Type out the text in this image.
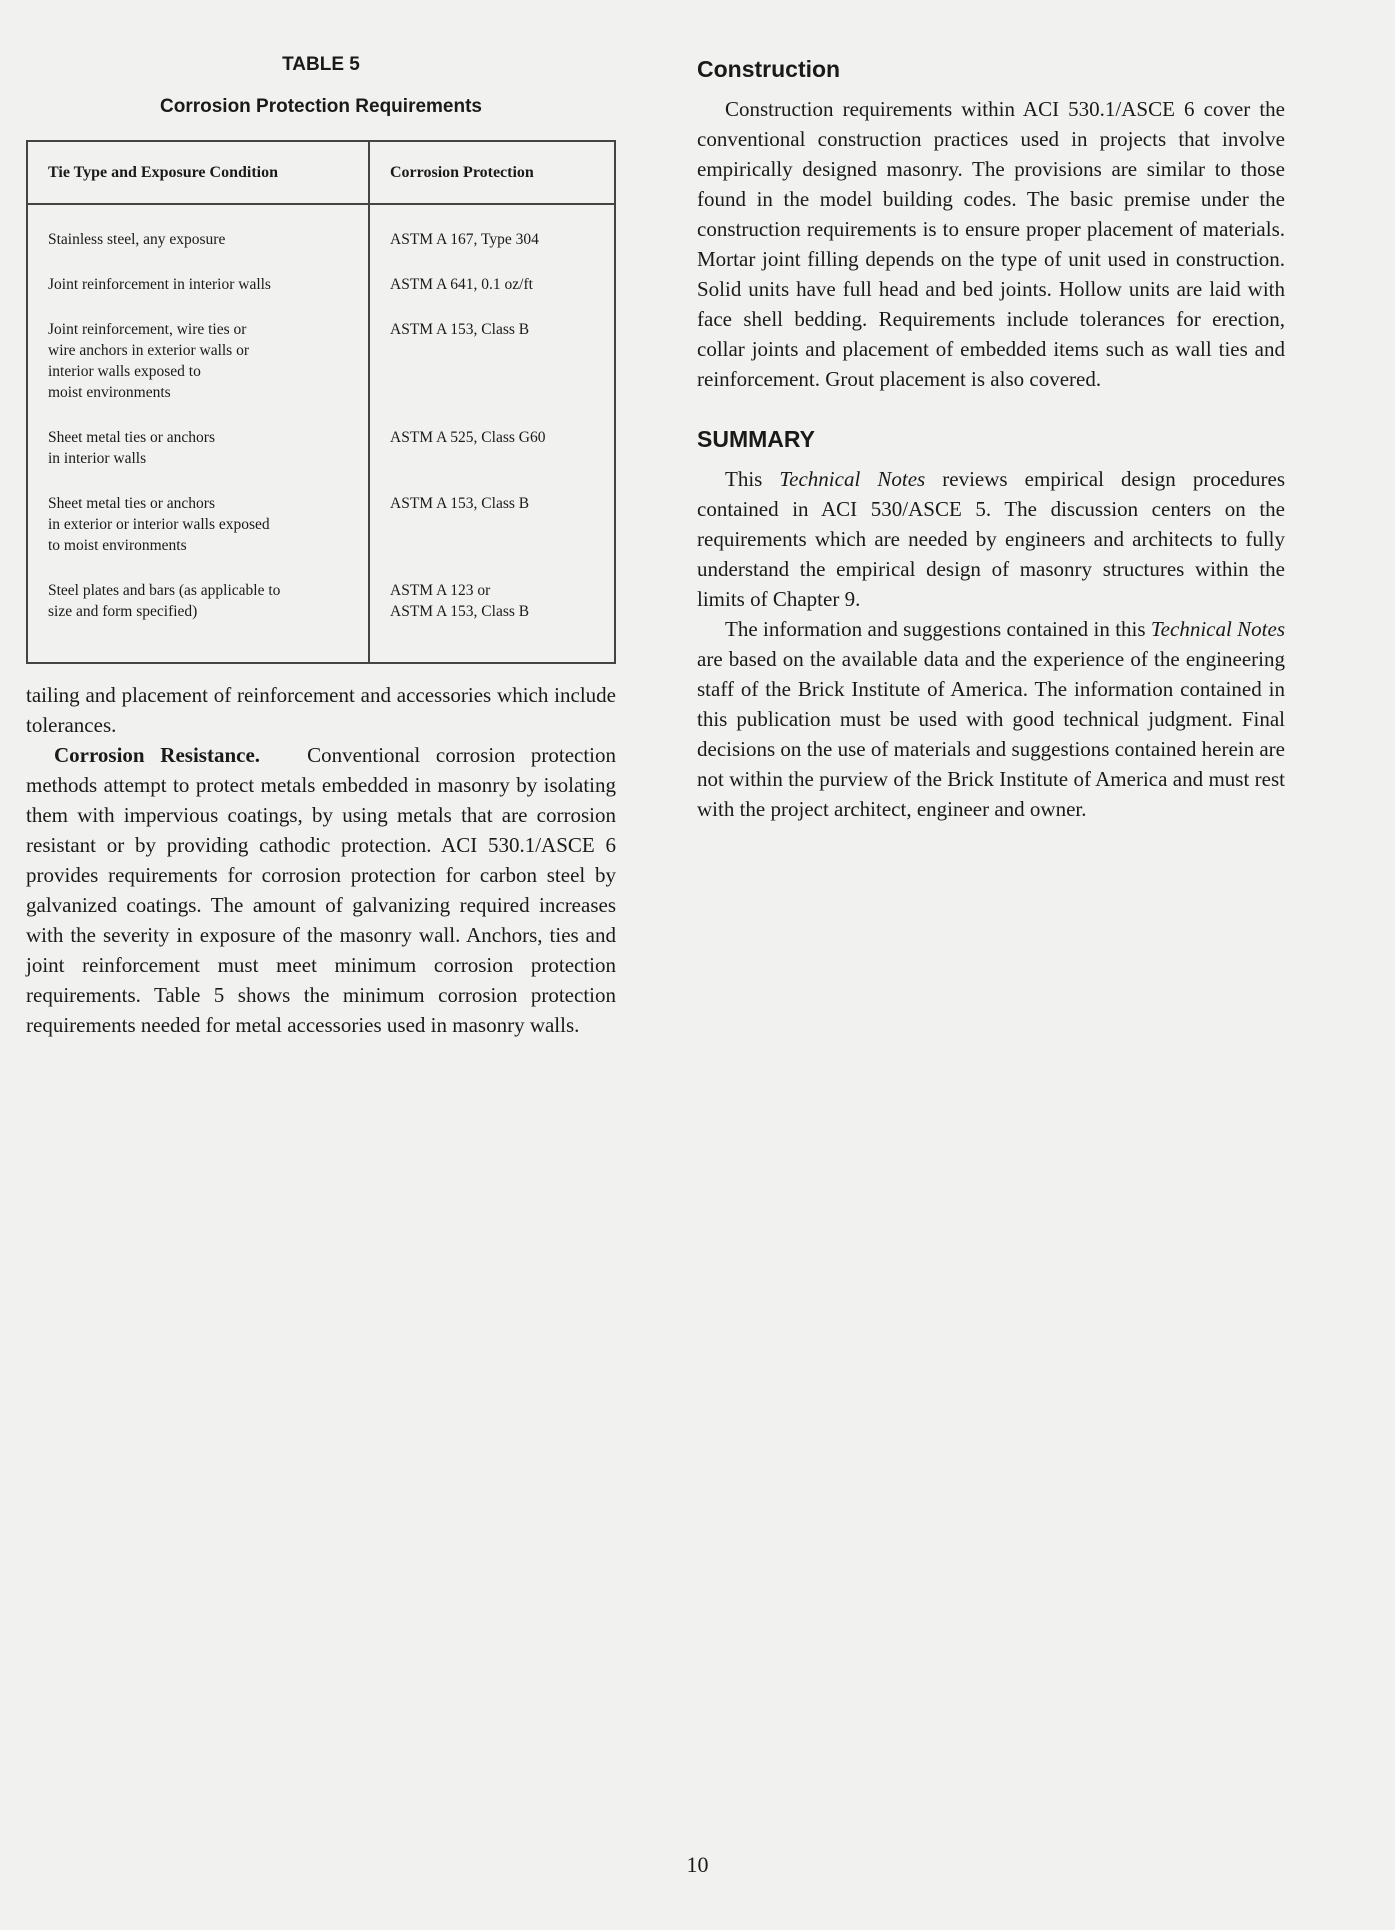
TABLE 5
Corrosion Protection Requirements
Tie Type and Exposure Condition	Corrosion Protection

Stainless steel, any exposure	ASTM A 167, Type 304

Joint reinforcement in interior walls	ASTM A 641, 0.1 oz/ft

Joint reinforcement, wire ties or
wire anchors in exterior walls or
interior walls exposed to
moist environments	ASTM A 153, Class B

Sheet metal ties or anchors
in interior walls	ASTM A 525, Class G60

Sheet metal ties or anchors
in exterior or interior walls exposed
to moist environments	ASTM A 153, Class B

Steel plates and bars (as applicable to
size and form specified)	ASTM A 123 or
ASTM A 153, Class B

tailing and placement of reinforcement and accessories which include tolerances.

Corrosion Resistance. Conventional corrosion protection methods attempt to protect metals embedded in masonry by isolating them with impervious coatings, by using metals that are corrosion resistant or by providing cathodic protection. ACI 530.1/ASCE 6 provides requirements for corrosion protection for carbon steel by galvanized coatings. The amount of galvanizing required increases with the severity in exposure of the masonry wall. Anchors, ties and joint reinforcement must meet minimum corrosion protection requirements. Table 5 shows the minimum corrosion protection requirements needed for metal accessories used in masonry walls.

Construction

Construction requirements within ACI 530.1/ASCE 6 cover the conventional construction practices used in projects that involve empirically designed masonry. The provisions are similar to those found in the model building codes. The basic premise under the construction requirements is to ensure proper placement of materials. Mortar joint filling depends on the type of unit used in construction. Solid units have full head and bed joints. Hollow units are laid with face shell bedding. Requirements include tolerances for erection, collar joints and placement of embedded items such as wall ties and reinforcement. Grout placement is also covered.

SUMMARY

This Technical Notes reviews empirical design procedures contained in ACI 530/ASCE 5. The discussion centers on the requirements which are needed by engineers and architects to fully understand the empirical design of masonry structures within the limits of Chapter 9.

The information and suggestions contained in this Technical Notes are based on the available data and the experience of the engineering staff of the Brick Institute of America. The information contained in this publication must be used with good technical judgment. Final decisions on the use of materials and suggestions contained herein are not within the purview of the Brick Institute of America and must rest with the project architect, engineer and owner.

10
